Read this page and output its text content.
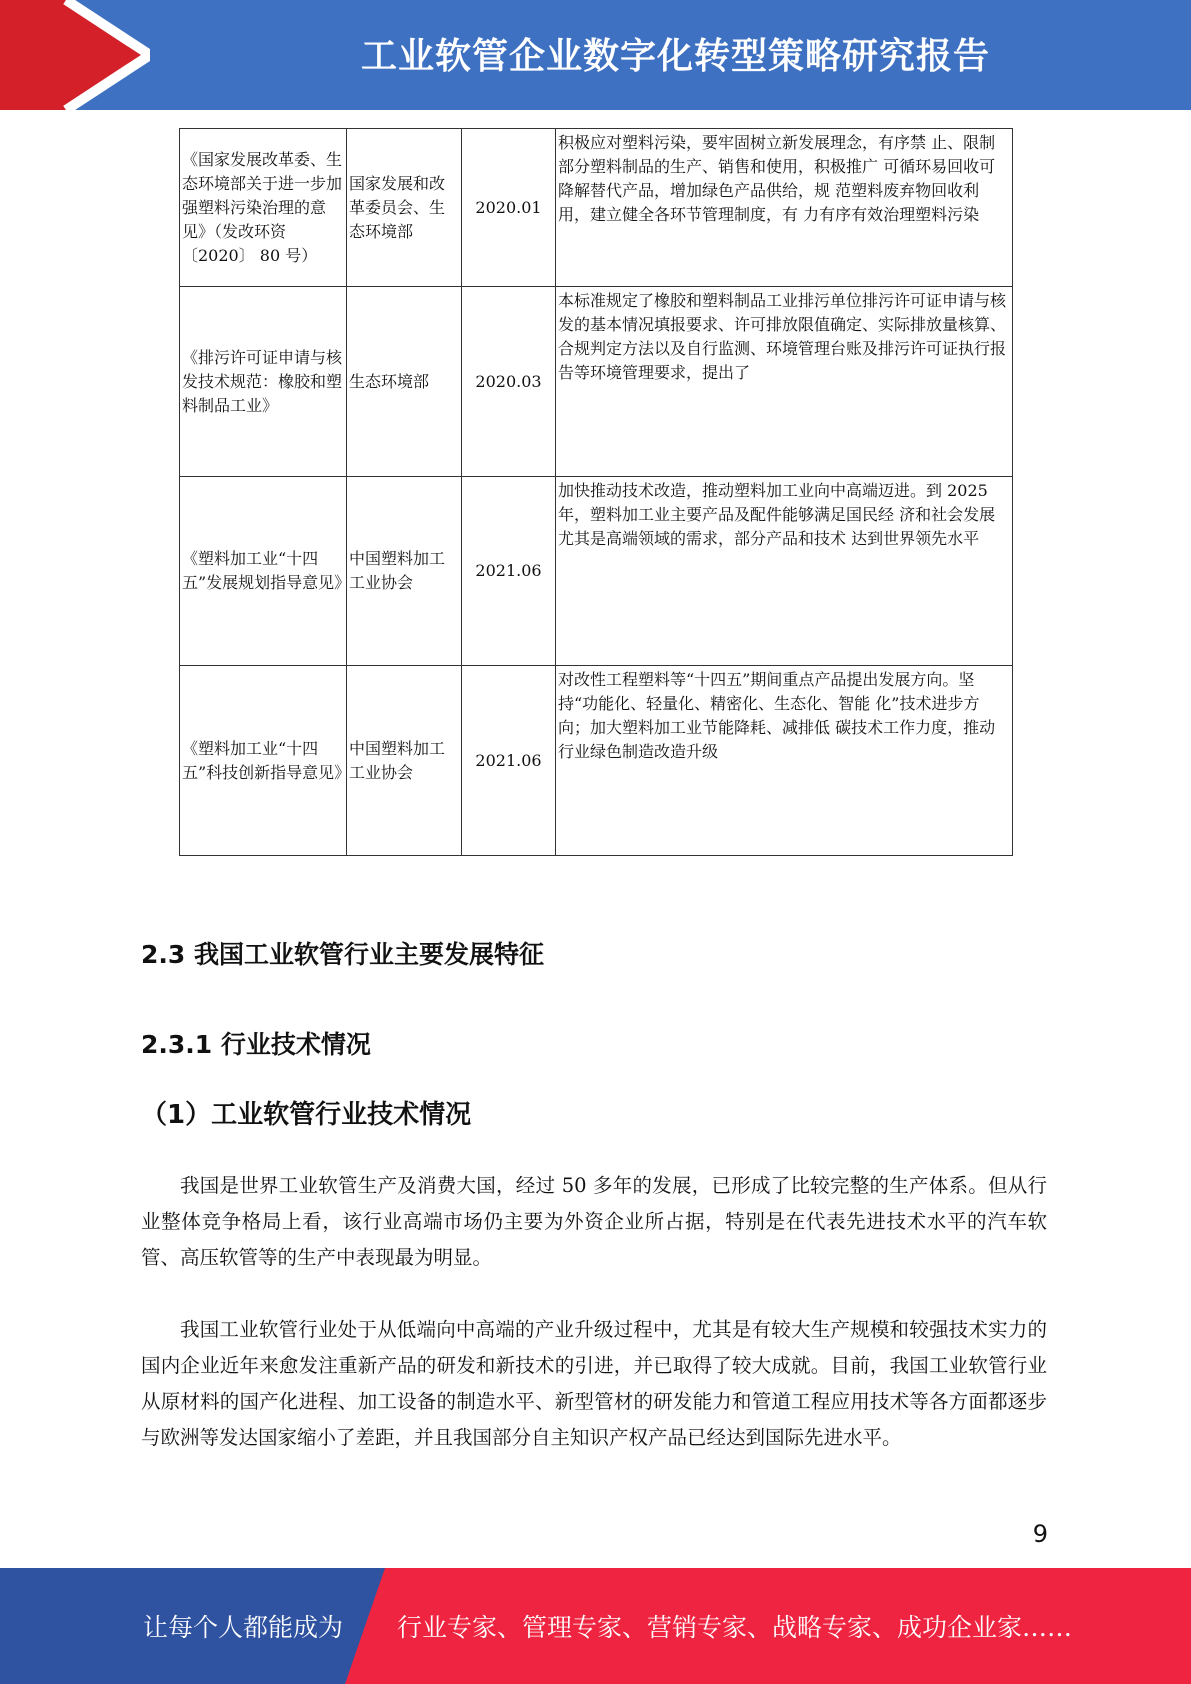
工业软管企业数字化转型策略研究报告
《国家发展改革委、生态环境部关于进一步加强塑料污染治理的意见》（发改环资〔2020〕 80 号）	国家发展和改革委员会、生态环境部	2020.01	积极应对塑料污染，要牢固树立新发展理念，有序禁 止、限制部分塑料制品的生产、销售和使用，积极推广 可循环易回收可降解替代产品，增加绿色产品供给，规 范塑料废弃物回收利用，建立健全各环节管理制度，有 力有序有效治理塑料污染
《排污许可证申请与核发技术规范：橡胶和塑料制品工业》	生态环境部	2020.03	本标准规定了橡胶和塑料制品工业排污单位排污许可证申请与核发的基本情况填报要求、许可排放限值确定、实际排放量核算、合规判定方法以及自行监测、环境管理台账及排污许可证执行报告等环境管理要求，提出了
《塑料加工业“十四五”发展规划指导意见》	中国塑料加工工业协会	2021.06	加快推动技术改造，推动塑料加工业向中高端迈进。到 2025 年，塑料加工业主要产品及配件能够满足国民经 济和社会发展尤其是高端领域的需求，部分产品和技术 达到世界领先水平
《塑料加工业“十四五”科技创新指导意见》	中国塑料加工工业协会	2021.06	对改性工程塑料等“十四五”期间重点产品提出发展方向。坚持“功能化、轻量化、精密化、生态化、智能 化”技术进步方向；加大塑料加工业节能降耗、减排低 碳技术工作力度，推动行业绿色制造改造升级
2.3 我国工业软管行业主要发展特征
2.3.1 行业技术情况
（1）工业软管行业技术情况

我国是世界工业软管生产及消费大国，经过 50 多年的发展，已形成了比较完整的生产体系。但从行业整体竞争格局上看，该行业高端市场仍主要为外资企业所占据，特别是在代表先进技术水平的汽车软管、高压软管等的生产中表现最为明显。

我国工业软管行业处于从低端向中高端的产业升级过程中，尤其是有较大生产规模和较强技术实力的国内企业近年来愈发注重新产品的研发和新技术的引进，并已取得了较大成就。目前，我国工业软管行业从原材料的国产化进程、加工设备的制造水平、新型管材的研发能力和管道工程应用技术等各方面都逐步与欧洲等发达国家缩小了差距，并且我国部分自主知识产权产品已经达到国际先进水平。

9
让每个人都能成为 行业专家、管理专家、营销专家、战略专家、成功企业家……
